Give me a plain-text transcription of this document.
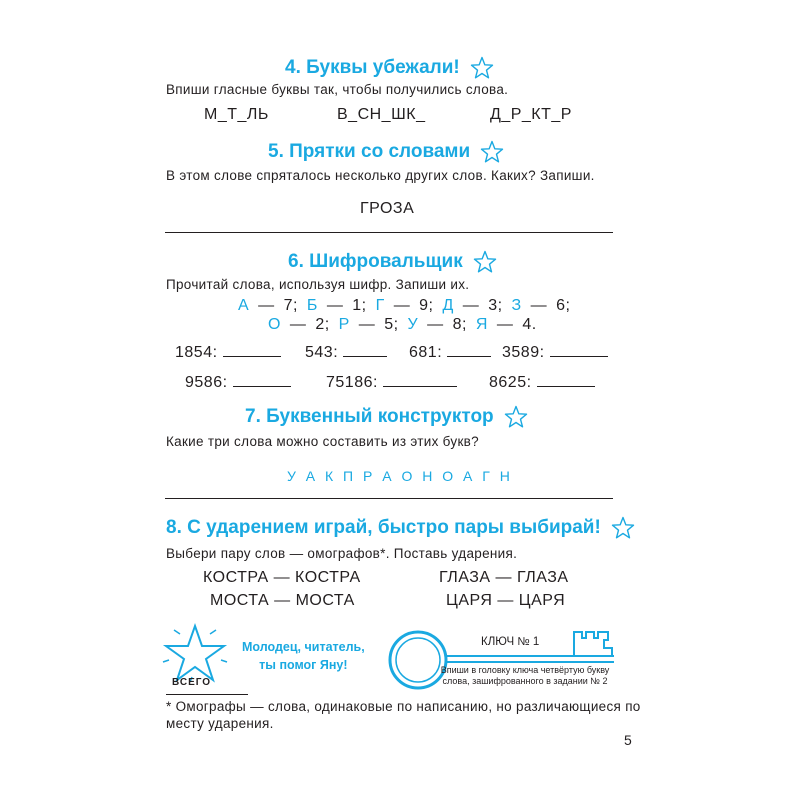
4. Буквы убежали!
Впиши гласные буквы так, чтобы получились слова.
М_Т_ЛЬ	В_СН_ШК_	Д_Р_КТ_Р
5. Прятки со словами
В этом слове спряталось несколько других слов. Каких? Запиши.
ГРОЗА
6. Шифровальщик
Прочитай слова, используя шифр. Запиши их.
А — 7; Б — 1; Г — 9; Д — 3; З — 6;
О — 2; Р — 5; У — 8; Я — 4.
1854:	543:	681:	3589:
9586:	75186:	8625:
7. Буквенный конструктор
Какие три слова можно составить из этих букв?
У А К П Р А О Н О А Г Н
8. С ударением играй, быстро пары выбирай!
Выбери пару слов — омографов*. Поставь ударения.
КОСТРА — КОСТРА	ГЛАЗА — ГЛАЗА
МОСТА — МОСТА	ЦАРЯ — ЦАРЯ
ВСЕГО
Молодец, читатель,
ты помог Яну!
КЛЮЧ № 1
Впиши в головку ключа четвёртую букву
слова, зашифрованного в задании № 2
* Омографы — слова, одинаковые по написанию, но различающиеся по
месту ударения.
5
